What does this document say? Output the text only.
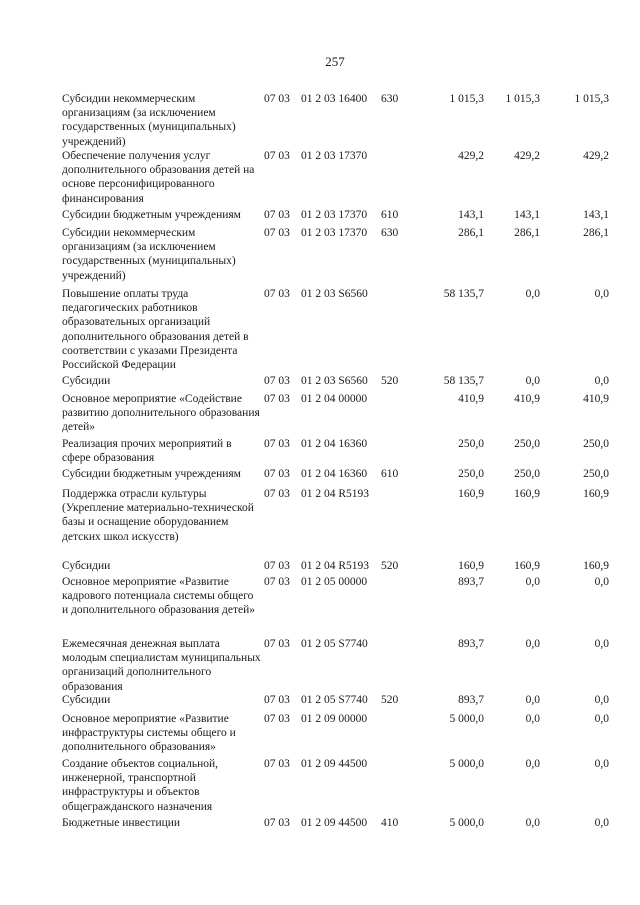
257
Субсидии некоммерческим организациям (за исключением государственных (муниципальных) учреждений)
07 03 01 2 03 16400 630	1 015,3	1 015,3	1 015,3
Обеспечение получения услуг дополнительного образования детей на основе персонифицированного финансирования
07 03 01 2 03 17370	429,2	429,2	429,2
Субсидии бюджетным учреждениям	07 03 01 2 03 17370 610	143,1	143,1	143,1
Субсидии некоммерческим организациям (за исключением государственных (муниципальных) учреждений)
07 03 01 2 03 17370 630	286,1	286,1	286,1
Повышение оплаты труда педагогических работников образовательных организаций дополнительного образования детей в соответствии с указами Президента Российской Федерации
07 03 01 2 03 S6560	58 135,7	0,0	0,0
Субсидии	07 03 01 2 03 S6560 520	58 135,7	0,0	0,0
Основное мероприятие «Содействие развитию дополнительного образования детей»
07 03 01 2 04 00000	410,9	410,9	410,9
Реализация прочих мероприятий в сфере образования
07 03 01 2 04 16360	250,0	250,0	250,0
Субсидии бюджетным учреждениям	07 03 01 2 04 16360 610	250,0	250,0	250,0
Поддержка отрасли культуры (Укрепление материально-технической базы и оснащение оборудованием детских школ искусств)
07 03 01 2 04 R5193	160,9	160,9	160,9
Субсидии	07 03 01 2 04 R5193 520	160,9	160,9	160,9
Основное мероприятие «Развитие кадрового потенциала системы общего и дополнительного образования детей»
07 03 01 2 05 00000	893,7	0,0	0,0
Ежемесячная денежная выплата молодым специалистам муниципальных организаций дополнительного образования
07 03 01 2 05 S7740	893,7	0,0	0,0
Субсидии	07 03 01 2 05 S7740 520	893,7	0,0	0,0
Основное мероприятие «Развитие инфраструктуры системы общего и дополнительного образования»
07 03 01 2 09 00000	5 000,0	0,0	0,0
Создание объектов социальной, инженерной, транспортной инфраструктуры и объектов общегражданского назначения
07 03 01 2 09 44500	5 000,0	0,0	0,0
Бюджетные инвестиции	07 03 01 2 09 44500 410	5 000,0	0,0	0,0
